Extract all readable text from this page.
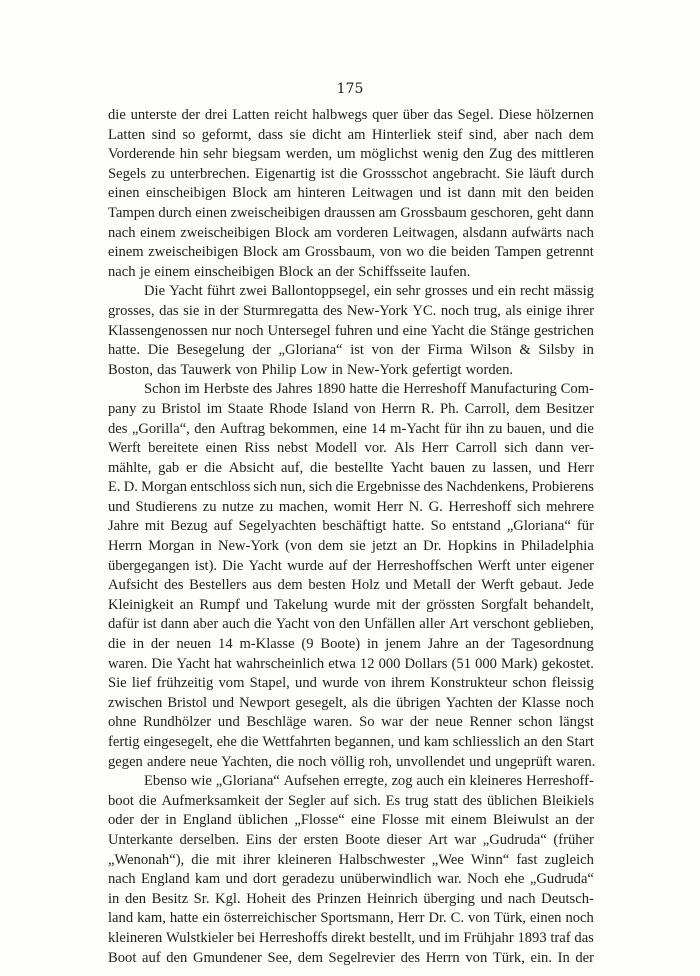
175
die unterste der drei Latten reicht halbwegs quer über das Segel. Diese hölzernen
Latten sind so geformt, dass sie dicht am Hinterliek steif sind, aber nach dem
Vorderende hin sehr biegsam werden, um möglichst wenig den Zug des mittleren
Segels zu unterbrechen. Eigenartig ist die Grossschot angebracht. Sie läuft durch
einen einscheibigen Block am hinteren Leitwagen und ist dann mit den beiden
Tampen durch einen zweischeibigen draussen am Grossbaum geschoren, geht dann
nach einem zweischeibigen Block am vorderen Leitwagen, alsdann aufwärts nach
einem zweischeibigen Block am Grossbaum, von wo die beiden Tampen getrennt
nach je einem einscheibigen Block an der Schiffsseite laufen.
Die Yacht führt zwei Ballontoppsegel, ein sehr grosses und ein recht mässig
grosses, das sie in der Sturmregatta des New-York YC. noch trug, als einige ihrer
Klassengenossen nur noch Untersegel fuhren und eine Yacht die Stänge gestrichen
hatte. Die Besegelung der „Gloriana“ ist von der Firma Wilson & Silsby in
Boston, das Tauwerk von Philip Low in New-York gefertigt worden.
Schon im Herbste des Jahres 1890 hatte die Herreshoff Manufacturing Com-
pany zu Bristol im Staate Rhode Island von Herrn R. Ph. Carroll, dem Besitzer
des „Gorilla“, den Auftrag bekommen, eine 14 m-Yacht für ihn zu bauen, und die
Werft bereitete einen Riss nebst Modell vor. Als Herr Carroll sich dann ver-
mählte, gab er die Absicht auf, die bestellte Yacht bauen zu lassen, und Herr
E. D. Morgan entschloss sich nun, sich die Ergebnisse des Nachdenkens, Probierens
und Studierens zu nutze zu machen, womit Herr N. G. Herreshoff sich mehrere
Jahre mit Bezug auf Segelyachten beschäftigt hatte. So entstand „Gloriana“ für
Herrn Morgan in New-York (von dem sie jetzt an Dr. Hopkins in Philadelphia
übergegangen ist). Die Yacht wurde auf der Herreshoffschen Werft unter eigener
Aufsicht des Bestellers aus dem besten Holz und Metall der Werft gebaut. Jede
Kleinigkeit an Rumpf und Takelung wurde mit der grössten Sorgfalt behandelt,
dafür ist dann aber auch die Yacht von den Unfällen aller Art verschont geblieben,
die in der neuen 14 m-Klasse (9 Boote) in jenem Jahre an der Tagesordnung
waren. Die Yacht hat wahrscheinlich etwa 12 000 Dollars (51 000 Mark) gekostet.
Sie lief frühzeitig vom Stapel, und wurde von ihrem Konstrukteur schon fleissig
zwischen Bristol und Newport gesegelt, als die übrigen Yachten der Klasse noch
ohne Rundhölzer und Beschläge waren. So war der neue Renner schon längst
fertig eingesegelt, ehe die Wettfahrten begannen, und kam schliesslich an den Start
gegen andere neue Yachten, die noch völlig roh, unvollendet und ungeprüft waren.
Ebenso wie „Gloriana“ Aufsehen erregte, zog auch ein kleineres Herreshoff-
boot die Aufmerksamkeit der Segler auf sich. Es trug statt des üblichen Bleikiels
oder der in England üblichen „Flosse“ eine Flosse mit einem Bleiwulst an der
Unterkante derselben. Eins der ersten Boote dieser Art war „Gudruda“ (früher
„Wenonah“), die mit ihrer kleineren Halbschwester „Wee Winn“ fast zugleich
nach England kam und dort geradezu unüberwindlich war. Noch ehe „Gudruda“
in den Besitz Sr. Kgl. Hoheit des Prinzen Heinrich überging und nach Deutsch-
land kam, hatte ein österreichischer Sportsmann, Herr Dr. C. von Türk, einen noch
kleineren Wulstkieler bei Herreshoffs direkt bestellt, und im Frühjahr 1893 traf das
Boot auf den Gmundener See, dem Segelrevier des Herrn von Türk, ein. In der
